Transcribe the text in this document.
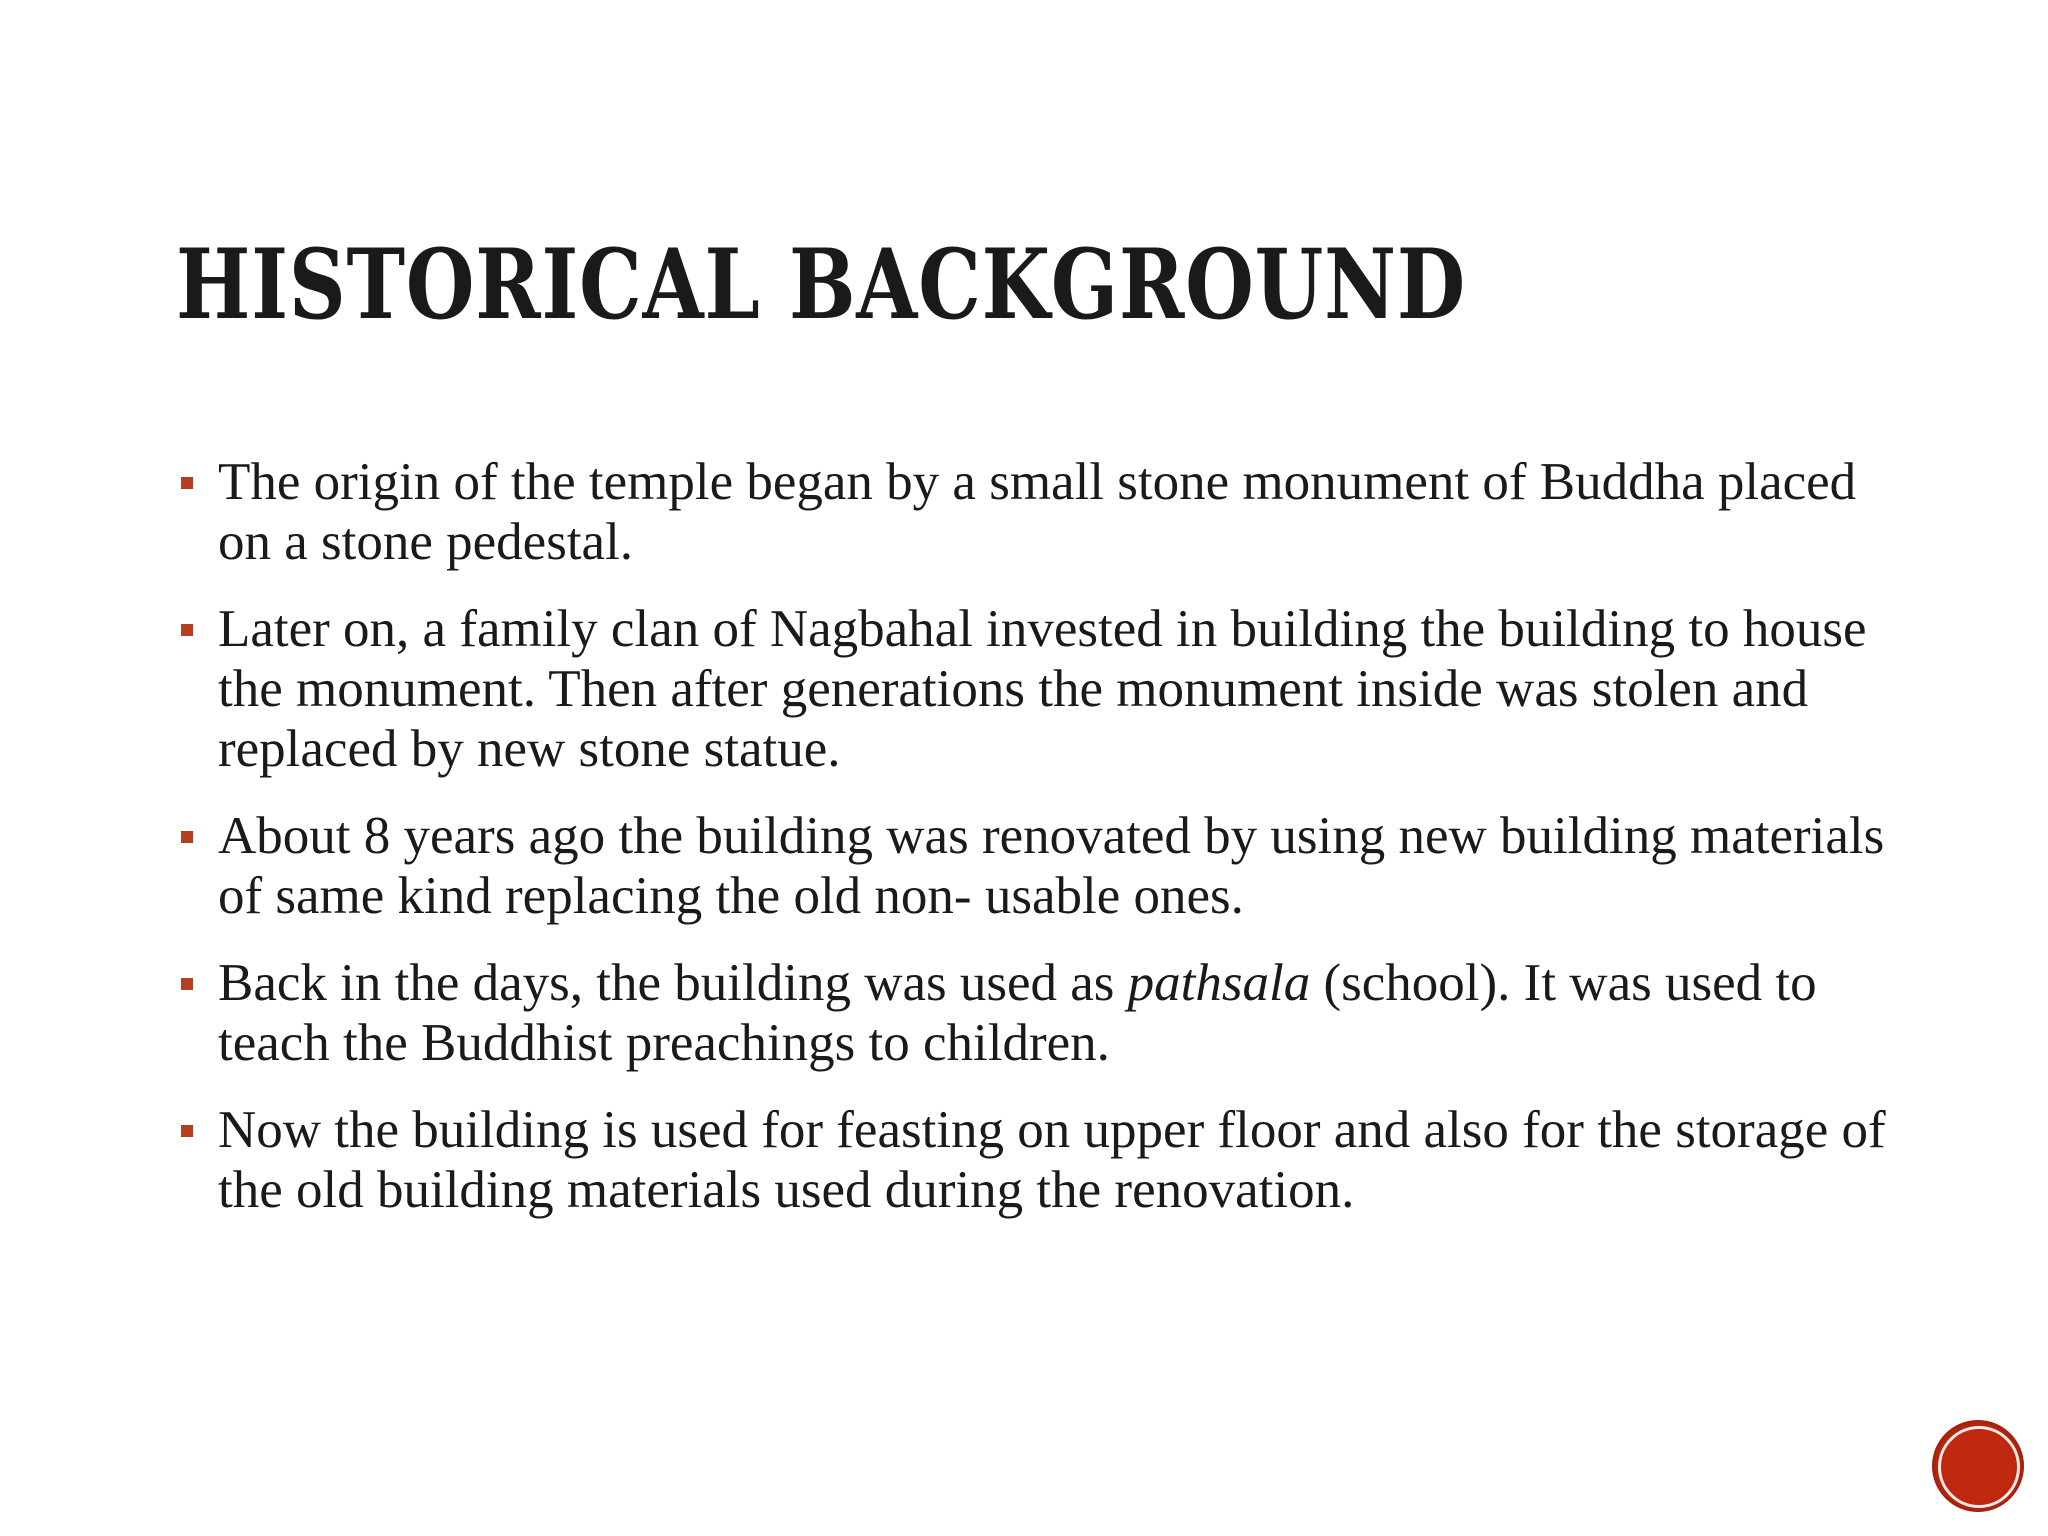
HISTORICAL BACKGROUND
The origin of the temple began by a small stone monument of Buddha placed on a stone pedestal.
Later on, a family clan of Nagbahal invested in building the building to house the monument. Then after generations the monument inside was stolen and replaced by new stone statue.
About 8 years ago the building was renovated by using new building materials of same kind replacing the old non- usable ones.
Back in the days, the building was used as pathsala (school). It was used to teach the Buddhist preachings to children.
Now the building is used for feasting on upper floor and also for the storage of the old building materials used during the renovation.
